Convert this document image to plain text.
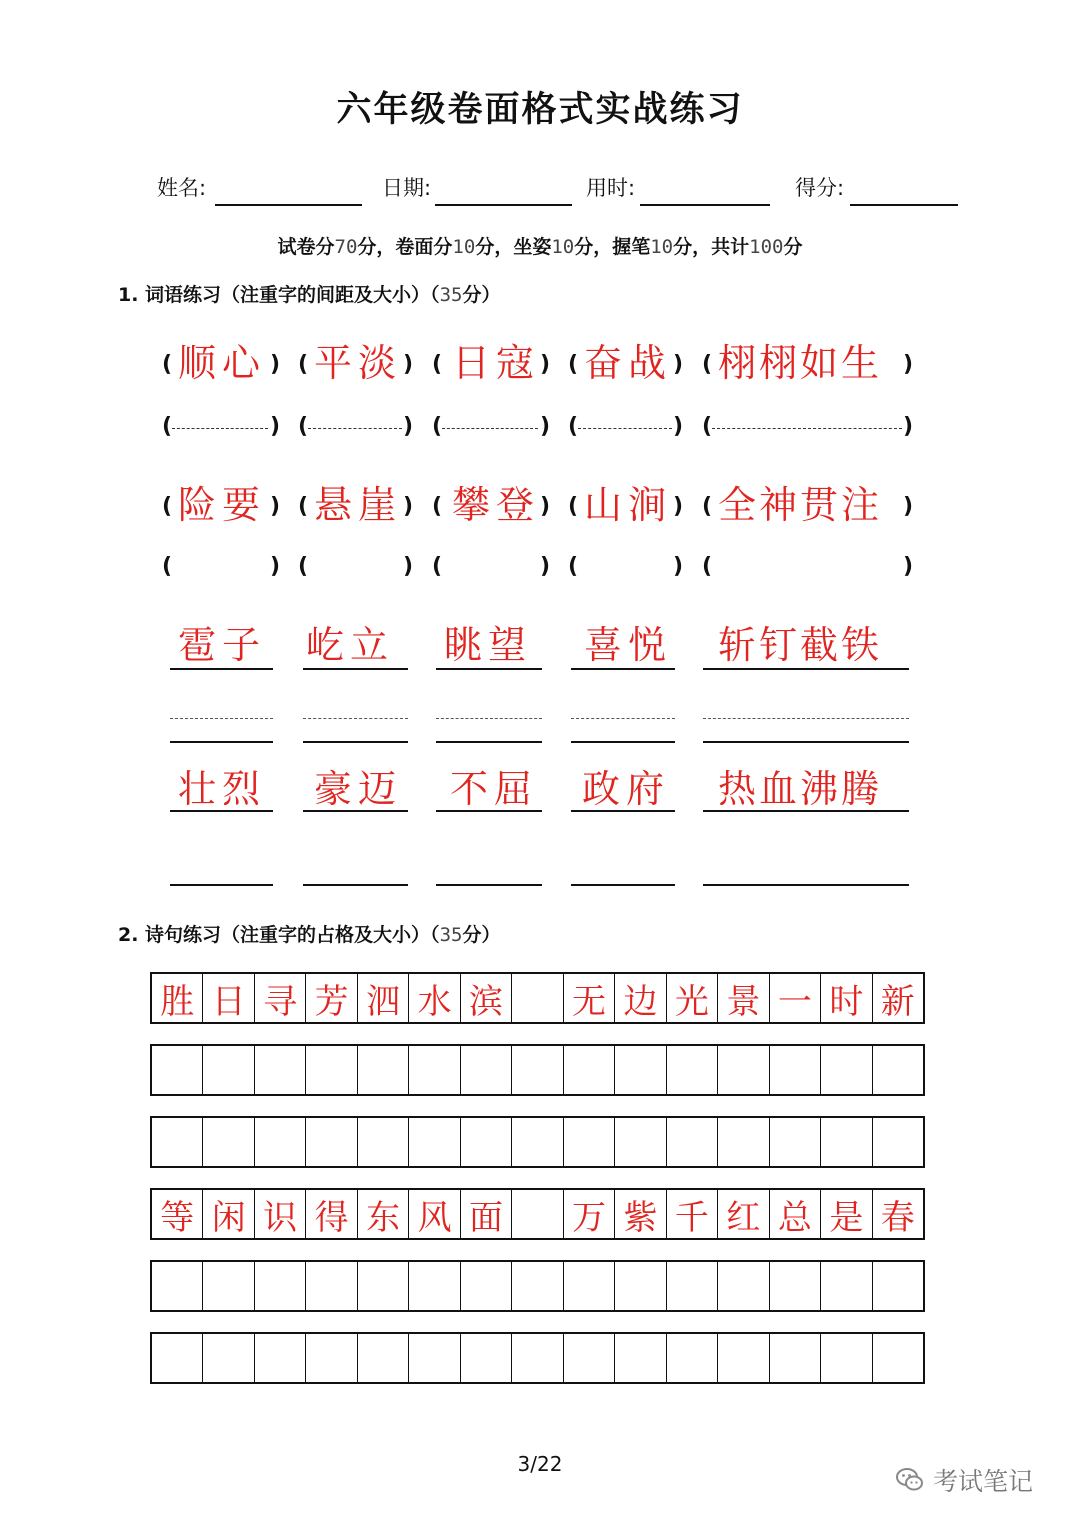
六年级卷面格式实战练习
姓名:	日期:	用时:	得分:
试卷分70分，卷面分10分，坐姿10分，握笔10分，共计100分
1. 词语练习（注重字的间距及大小）（35分）
( 顺心 ) ( 平淡 ) ( 日寇 ) ( 奋战 ) ( 栩栩如生 )
(	) (	) (	) (	) (	)
( 险要 ) ( 悬崖 ) ( 攀登 ) ( 山涧 ) ( 全神贯注 )
(	) (	) (	) (	) (	)
雹子 屹立 眺望 喜悦 斩钉截铁
壮烈 豪迈 不屈 政府 热血沸腾
2. 诗句练习（注重字的占格及大小）（35分）
胜 日 寻 芳 泗 水 滨 无 边 光 景 一 时 新
等 闲 识 得 东 风 面 万 紫 千 红 总 是 春
3/22
考试笔记
